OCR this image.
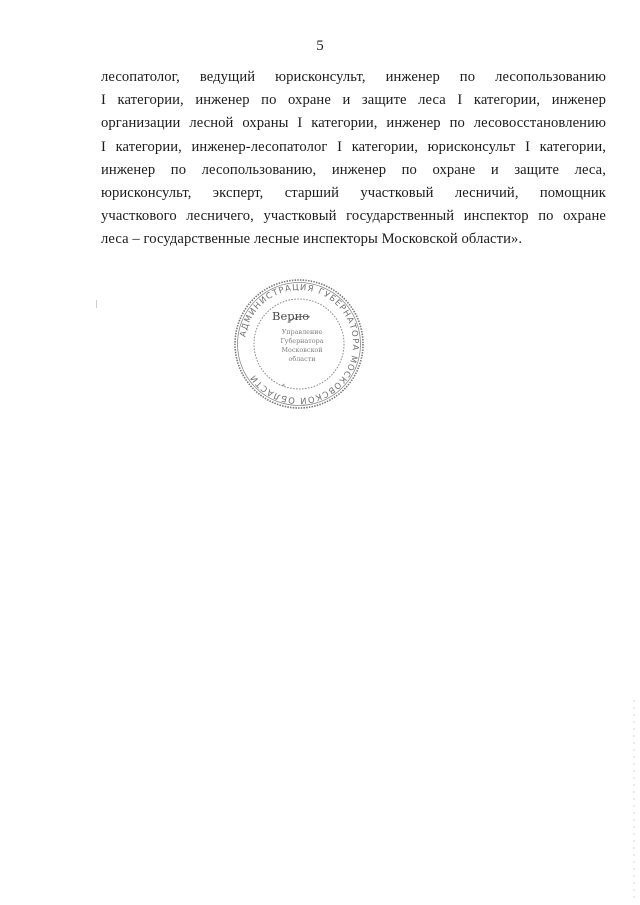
5
лесопатолог, ведущий юрисконсульт, инженер по лесопользованию
I категории, инженер по охране и защите леса I категории, инженер
организации лесной охраны I категории, инженер по лесовосстановлению
I категории, инженер-лесопатолог I категории, юрисконсульт I категории,
инженер по лесопользованию, инженер по охране и защите леса,
юрисконсульт, эксперт, старший участковый лесничий, помощник
участкового лесничего, участковый государственный инспектор по охране
леса – государственные лесные инспекторы Московской области».
АДМИНИСТРАЦИЯ ГУБЕРНАТОРА МОСКОВСКОЙ ОБЛАСТИ
Управление
Губернатора
Московской
области
Верно
*
